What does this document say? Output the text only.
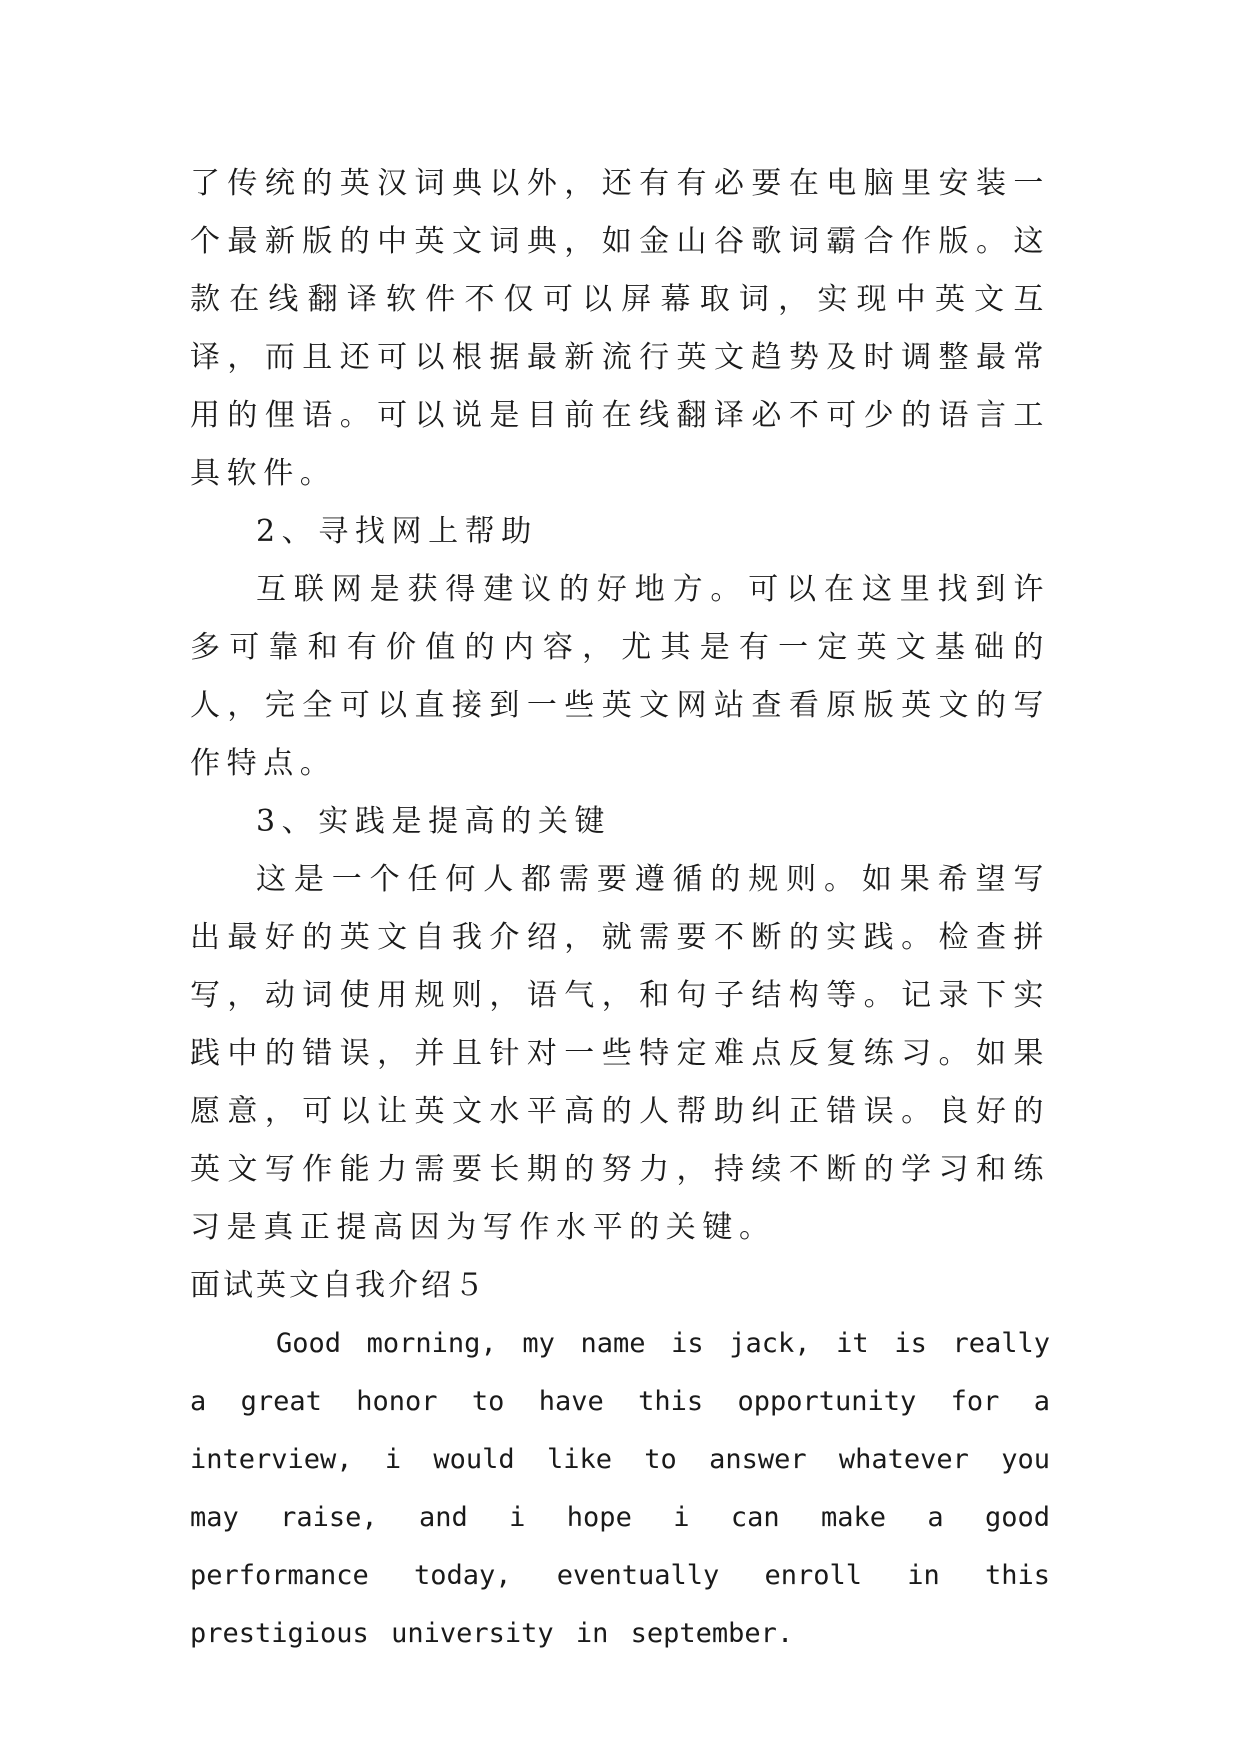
了传统的英汉词典以外，还有有必要在电脑里安装一个最新版的中英文词典，如金山谷歌词霸合作版。这款在线翻译软件不仅可以屏幕取词，实现中英文互译，而且还可以根据最新流行英文趋势及时调整最常用的俚语。可以说是目前在线翻译必不可少的语言工具软件。

2、寻找网上帮助

互联网是获得建议的好地方。可以在这里找到许多可靠和有价值的内容，尤其是有一定英文基础的人，完全可以直接到一些英文网站查看原版英文的写作特点。

3、实践是提高的关键

这是一个任何人都需要遵循的规则。如果希望写出最好的英文自我介绍，就需要不断的实践。检查拼写，动词使用规则，语气，和句子结构等。记录下实践中的错误，并且针对一些特定难点反复练习。如果愿意，可以让英文水平高的人帮助纠正错误。良好的英文写作能力需要长期的努力，持续不断的学习和练习是真正提高因为写作水平的关键。

面试英文自我介绍５

Good morning, my name is jack, it is really a great honor to have this opportunity for a interview, i would like to answer whatever you may raise, and i hope i can make a good performance today, eventually enroll in this prestigious university in september.
